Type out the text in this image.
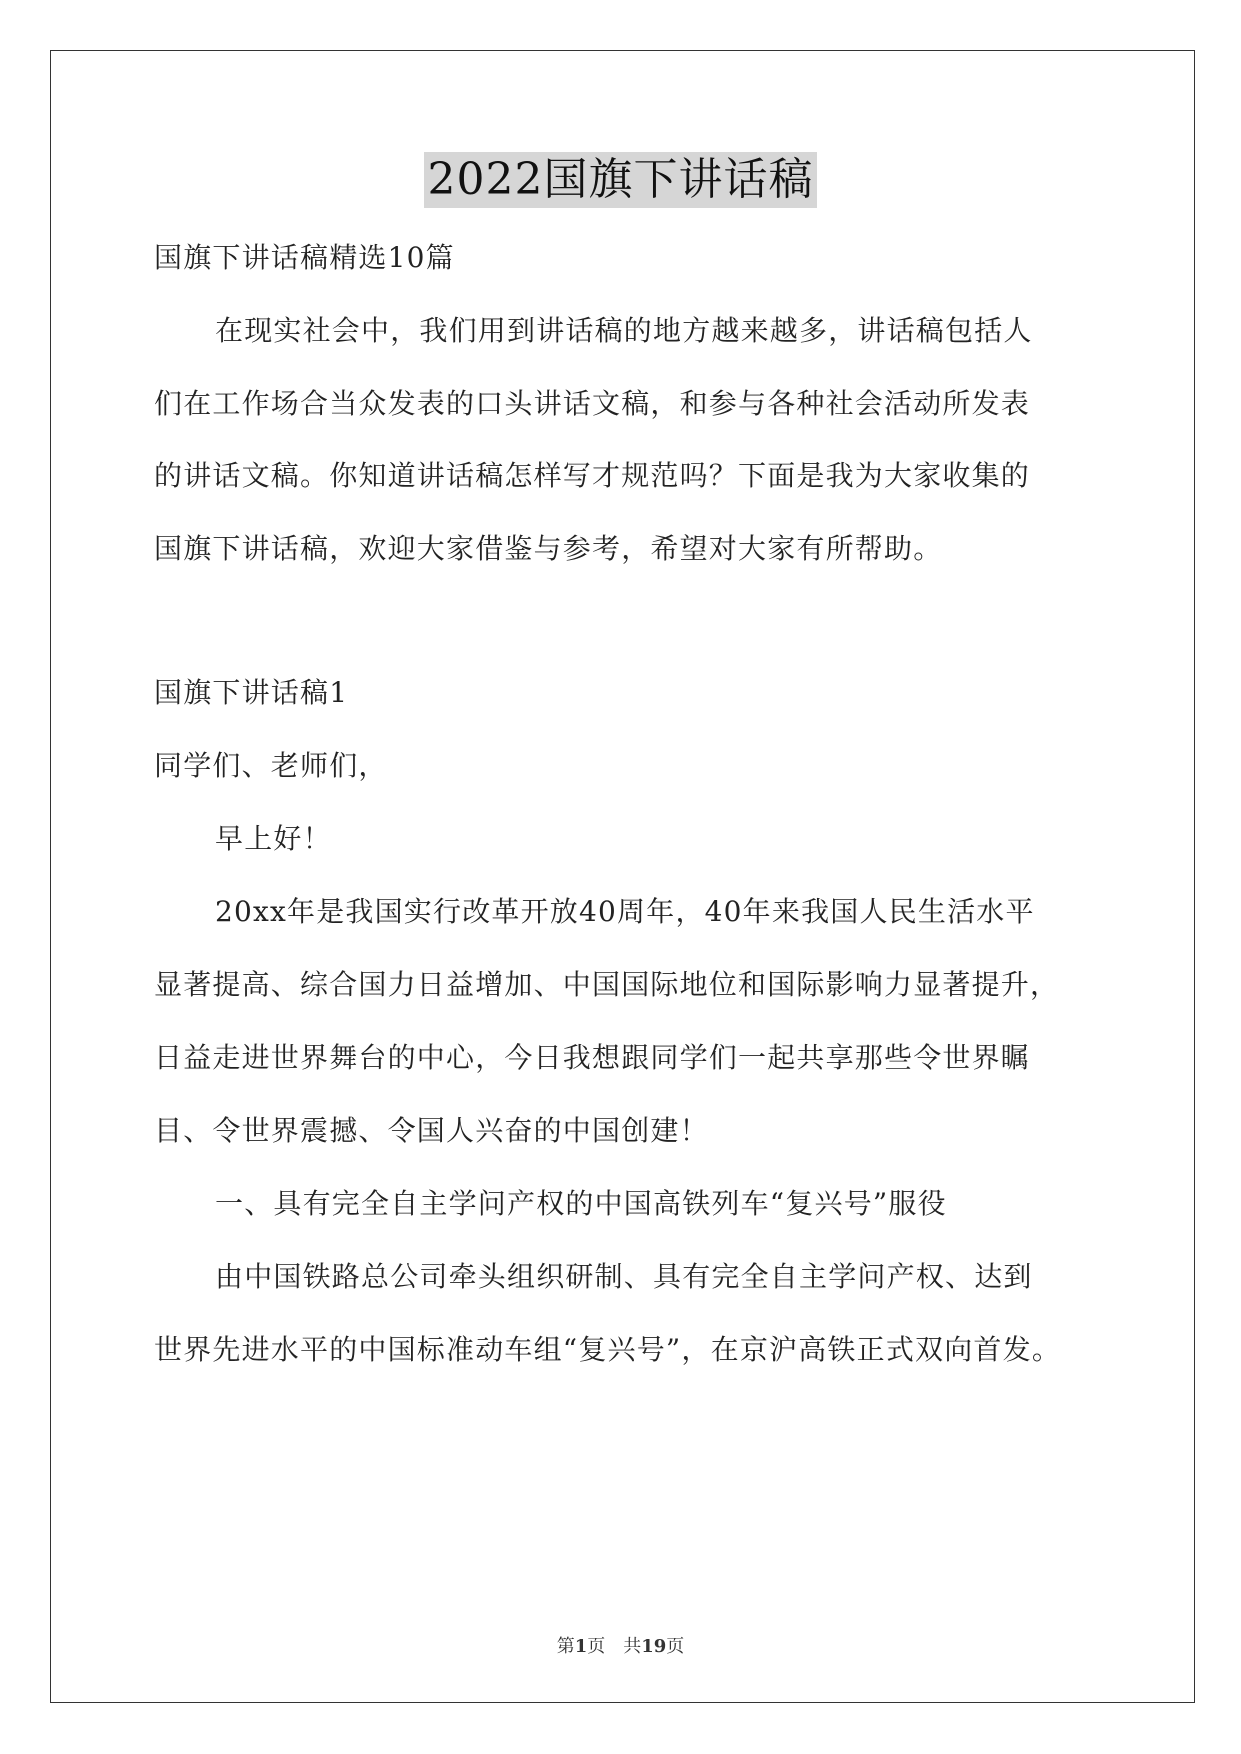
2022国旗下讲话稿
国旗下讲话稿精选10篇
在现实社会中，我们用到讲话稿的地方越来越多，讲话稿包括人
们在工作场合当众发表的口头讲话文稿，和参与各种社会活动所发表
的讲话文稿。你知道讲话稿怎样写才规范吗？下面是我为大家收集的
国旗下讲话稿，欢迎大家借鉴与参考，希望对大家有所帮助。
国旗下讲话稿1
同学们、老师们，
早上好！
20xx年是我国实行改革开放40周年，40年来我国人民生活水平
显著提高、综合国力日益增加、中国国际地位和国际影响力显著提升，
日益走进世界舞台的中心，今日我想跟同学们一起共享那些令世界瞩
目、令世界震撼、令国人兴奋的中国创建！
一、具有完全自主学问产权的中国高铁列车“复兴号”服役
由中国铁路总公司牵头组织研制、具有完全自主学问产权、达到
世界先进水平的中国标准动车组“复兴号”，在京沪高铁正式双向首发。
第1页　共19页
